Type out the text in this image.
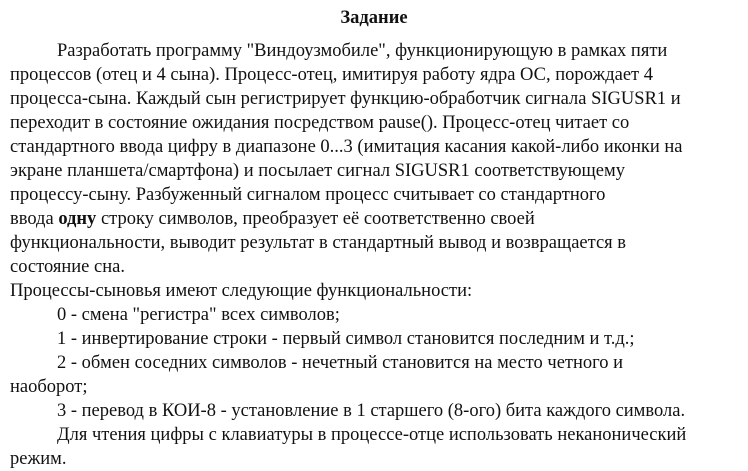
Задание
Разработать программу "Виндоузмобиле", функционирующую в рамках пяти
процессов (отец и 4 сына). Процесс-отец, имитируя работу ядра ОС, порождает 4
процесса-сына. Каждый сын регистрирует функцию-обработчик сигнала SIGUSR1 и
переходит в состояние ожидания посредством pause(). Процесс-отец читает со
стандартного ввода цифру в диапазоне 0...3 (имитация касания какой-либо иконки на
экране планшета/смартфона) и посылает сигнал SIGUSR1 соответствующему
процессу-сыну. Разбуженный сигналом процесс считывает со стандартного
ввода одну строку символов, преобразует её соответственно своей
функциональности, выводит результат в стандартный вывод и возвращается в
состояние сна.
Процессы-сыновья имеют следующие функциональности:
0 - смена "регистра" всех символов;
1 - инвертирование строки - первый символ становится последним и т.д.;
2 - обмен соседних символов - нечетный становится на место четного и
наоборот;
3 - перевод в КОИ-8 - установление в 1 старшего (8-ого) бита каждого символа.
Для чтения цифры с клавиатуры в процессе-отце использовать неканонический
режим.
